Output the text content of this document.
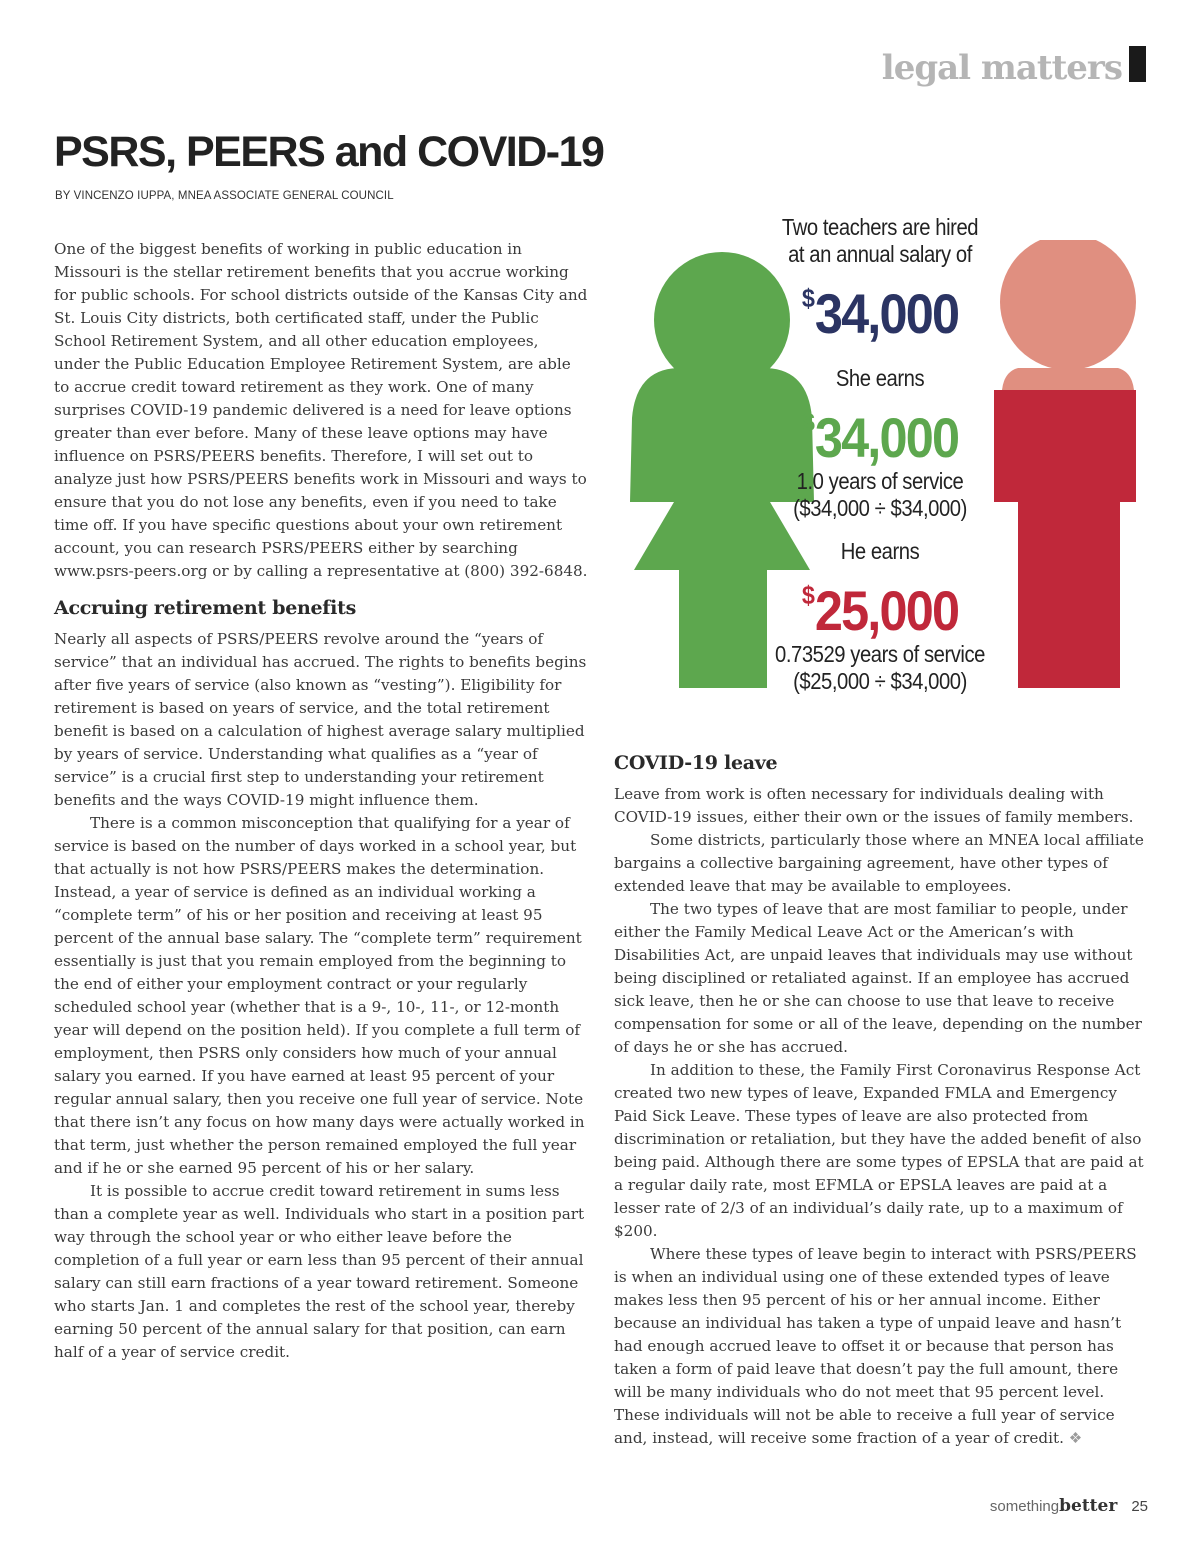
legal matters
PSRS, PEERS and COVID-19
BY VINCENZO IUPPA, MNEA ASSOCIATE GENERAL COUNCIL

One of the biggest benefits of working in public education in Missouri is the stellar retirement benefits that you accrue working for public schools. For school districts outside of the Kansas City and St. Louis City districts, both certificated staff, under the Public School Retirement System, and all other education employees, under the Public Education Employee Retirement System, are able to accrue credit toward retirement as they work. One of many surprises COVID-19 pandemic delivered is a need for leave options greater than ever before. Many of these leave options may have influence on PSRS/PEERS benefits. Therefore, I will set out to analyze just how PSRS/PEERS benefits work in Missouri and ways to ensure that you do not lose any benefits, even if you need to take time off. If you have specific questions about your own retirement account, you can research PSRS/PEERS either by searching www.psrs-peers.org or by calling a representative at (800) 392-6848.

Accruing retirement benefits

Nearly all aspects of PSRS/PEERS revolve around the “years of service” that an individual has accrued. The rights to benefits begins after five years of service (also known as “vesting”). Eligibility for retirement is based on years of service, and the total retirement benefit is based on a calculation of highest average salary multiplied by years of service. Understanding what qualifies as a “year of service” is a crucial first step to understanding your retirement benefits and the ways COVID-19 might influence them.

There is a common misconception that qualifying for a year of service is based on the number of days worked in a school year, but that actually is not how PSRS/PEERS makes the determination. Instead, a year of service is defined as an individual working a “complete term” of his or her position and receiving at least 95 percent of the annual base salary. The “complete term” requirement essentially is just that you remain employed from the beginning to the end of either your employment contract or your regularly scheduled school year (whether that is a 9-, 10-, 11-, or 12-month year will depend on the position held). If you complete a full term of employment, then PSRS only considers how much of your annual salary you earned. If you have earned at least 95 percent of your regular annual salary, then you receive one full year of service. Note that there isn’t any focus on how many days were actually worked in that term, just whether the person remained employed the full year and if he or she earned 95 percent of his or her salary.

It is possible to accrue credit toward retirement in sums less than a complete year as well. Individuals who start in a position part way through the school year or who either leave before the completion of a full year or earn less than 95 percent of their annual salary can still earn fractions of a year toward retirement. Someone who starts Jan. 1 and completes the rest of the school year, thereby earning 50 percent of the annual salary for that position, can earn half of a year of service credit.

Two teachers are hired
at an annual salary of
$34,000
She earns
$34,000
1.0 years of service
($34,000 ÷ $34,000)
He earns
$25,000
0.73529 years of service
($25,000 ÷ $34,000)
COVID-19 leave

Leave from work is often necessary for individuals dealing with COVID-19 issues, either their own or the issues of family members.

Some districts, particularly those where an MNEA local affiliate bargains a collective bargaining agreement, have other types of extended leave that may be available to employees.

The two types of leave that are most familiar to people, under either the Family Medical Leave Act or the American’s with Disabilities Act, are unpaid leaves that individuals may use without being disciplined or retaliated against. If an employee has accrued sick leave, then he or she can choose to use that leave to receive compensation for some or all of the leave, depending on the number of days he or she has accrued.

In addition to these, the Family First Coronavirus Response Act created two new types of leave, Expanded FMLA and Emergency Paid Sick Leave. These types of leave are also protected from discrimination or retaliation, but they have the added benefit of also being paid. Although there are some types of EPSLA that are paid at a regular daily rate, most EFMLA or EPSLA leaves are paid at a lesser rate of 2/3 of an individual’s daily rate, up to a maximum of $200.

Where these types of leave begin to interact with PSRS/PEERS is when an individual using one of these extended types of leave makes less then 95 percent of his or her annual income. Either because an individual has taken a type of unpaid leave and hasn’t had enough accrued leave to offset it or because that person has taken a form of paid leave that doesn’t pay the full amount, there will be many individuals who do not meet that 95 percent level. These individuals will not be able to receive a full year of service and, instead, will receive some fraction of a year of credit. ❖

somethingbetter 25
